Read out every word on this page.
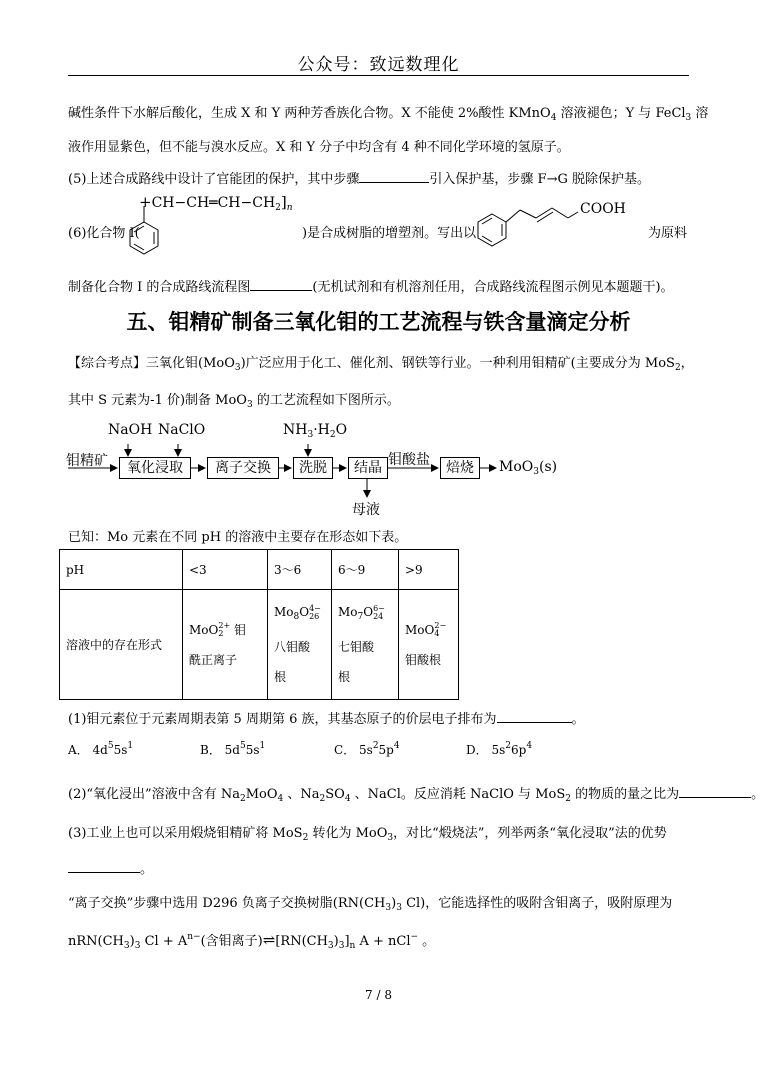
公众号：致远数理化
碱性条件下水解后酸化，生成 X 和 Y 两种芳香族化合物。X 不能使 2%酸性 KMnO$_4$ 溶液褪色；Y 与 FeCl$_3$ 溶
液作用显紫色，但不能与溴水反应。X 和 Y 分子中均含有 4 种不同化学环境的氢原子。
(5)上述合成路线中设计了官能团的保护，其中步骤	引入保护基，步骤 F→G 脱除保护基。
$+CH-CH═CH-CH_2]_n$
(6)化合物 I(	)是合成树脂的增塑剂。写出以
COOH
为原料
制备化合物 I 的合成路线流程图	(无机试剂和有机溶剂任用，合成路线流程图示例见本题题干)。
五、钼精矿制备三氧化钼的工艺流程与铁含量滴定分析
【综合考点】三氧化钼(MoO$_3$)广泛应用于化工、催化剂、钢铁等行业。一种利用钼精矿(主要成分为 MoS$_2$，
其中 S 元素为-1 价)制备 MoO$_3$ 的工艺流程如下图所示。
NaOH NaClO	$NH_3\cdot H_2O$
钼精矿	钼酸盐
氧化浸取	离子交换	洗脱	结晶	焙烧	MoO$_3$(s)
母液
已知：Mo 元素在不同 pH 的溶液中主要存在形态如下表。
pH	<3	3～6	6～9	>9
溶液中的存在形式	MoO 2+
2 钼
酰正离子	$Mo_8O$ 4−
26

八钼酸
根	$Mo_7O$ 6−
24

七钼酸
根	MoO 2−
4

钼酸根
(1)钼元素位于元素周期表第 5 周期第 6 族，其基态原子的价层电子排布为	。
A． $4d^55s^1$	B． $5d^55s^1$	C． $5s^25p^4$	D． $5s^26p^4$
(2)“氧化浸出”溶液中含有 $Na_2MoO_4$ 、$Na_2SO_4$ 、NaCl。反应消耗 NaClO 与 MoS$_2$ 的物质的量之比为	。
(3)工业上也可以采用煅烧钼精矿将 MoS$_2$ 转化为 MoO$_3$，对比“煅烧法”，列举两条“氧化浸取”法的优势
。
“离子交换”步骤中选用 D296 负离子交换树脂($RN(CH_3)_3$ Cl)，它能选择性的吸附含钼离子，吸附原理为
$nRN(CH_3)_3$ $Cl + A^{n-}$(含钼离子)$\rightleftharpoons[RN(CH_3)_3]_n$ A + nCl− 。
7 / 8
